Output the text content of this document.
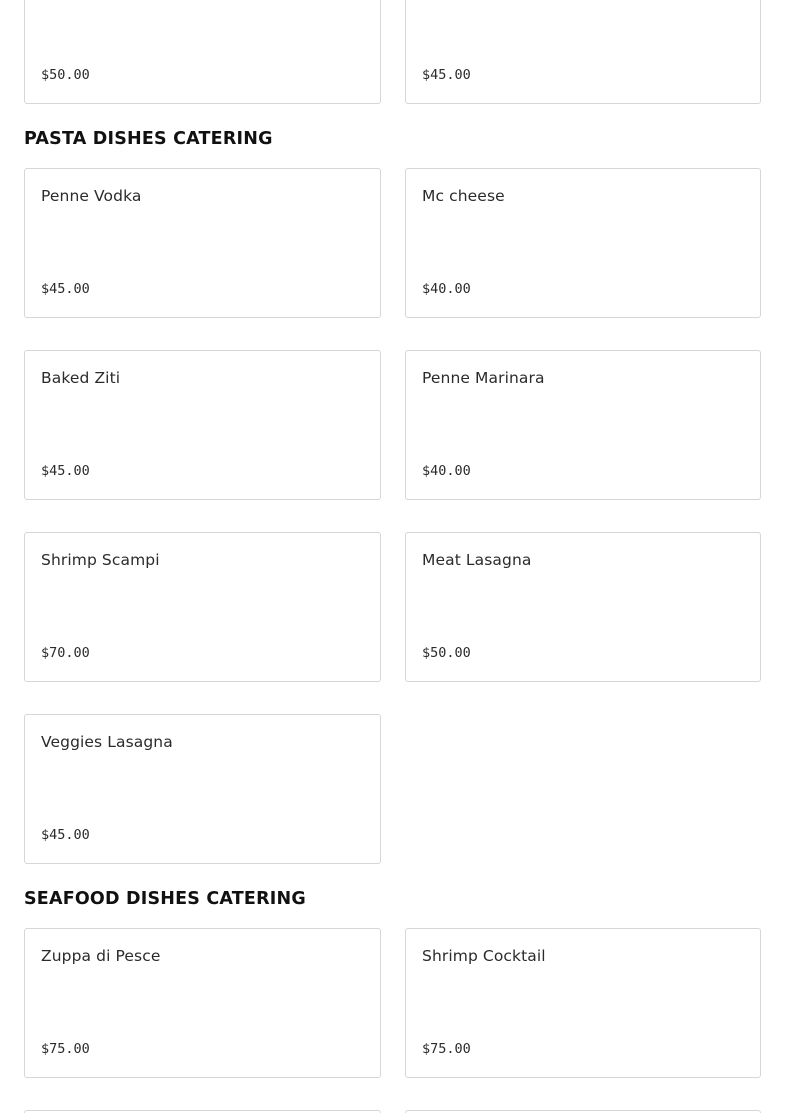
$50.00	$45.00
PASTA DISHES CATERING
Penne Vodka
$45.00
Mc cheese
$40.00
Baked Ziti
$45.00
Penne Marinara
$40.00
Shrimp Scampi
$70.00
Meat Lasagna
$50.00
Veggies Lasagna
$45.00
SEAFOOD DISHES CATERING
Zuppa di Pesce
$75.00
Shrimp Cocktail
$75.00
